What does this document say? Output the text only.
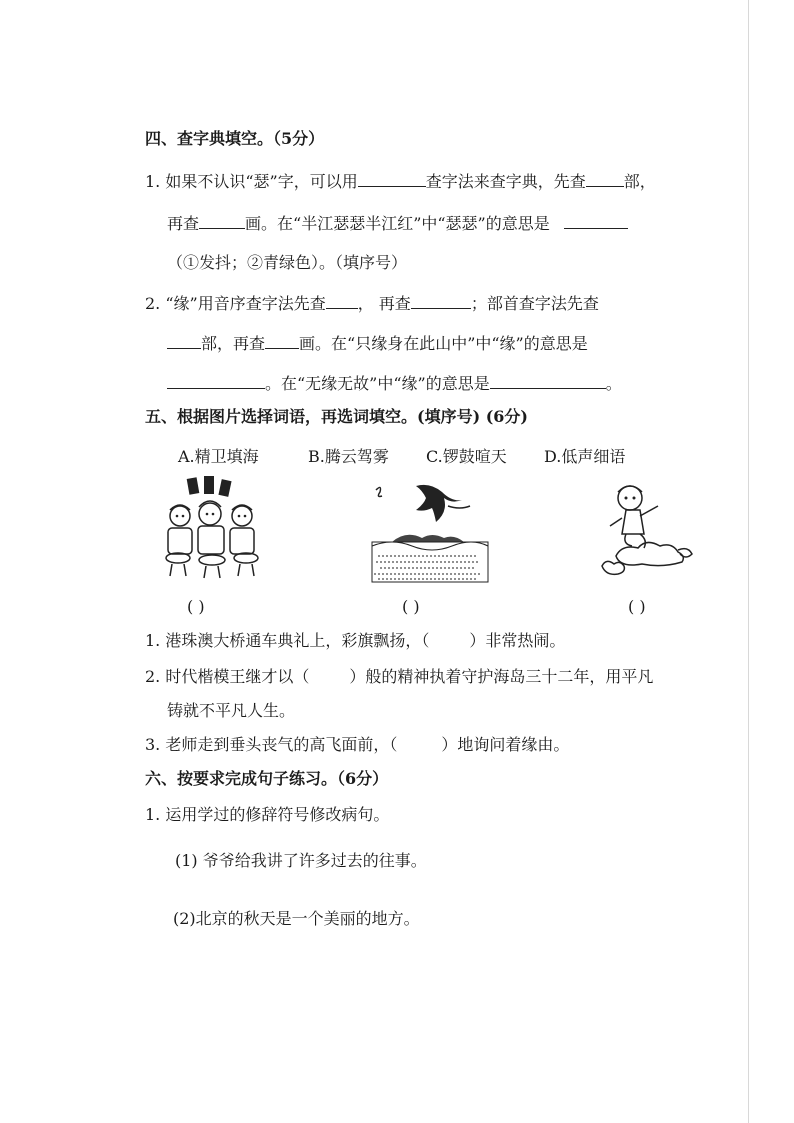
四、查字典填空。（5分）
1. 如果不认识“瑟”字，可以用	查字法来查字典，先查 部，
再查	画。在“半江瑟瑟半江红”中“瑟瑟”的意思是
（①发抖；②青绿色）。（填序号）
2. “缘”用音序查字法先查 ， 再查	；部首查字法先查
部，再查 画。在“只缘身在此山中”中“缘”的意思是
。在“无缘无故”中“缘”的意思是	。
五、根据图片选择词语，再选词填空。(填序号) (6分)
A.精卫填海	B.腾云驾雾 C.锣鼓喧天 D.低声细语
( )	( )	( )
1. 港珠澳大桥通车典礼上，彩旗飘扬，（	）非常热闹。
2. 时代楷模王继才以（	）般的精神执着守护海岛三十二年，用平凡
铸就不平凡人生。
3. 老师走到垂头丧气的高飞面前，（	）地询问着缘由。
六、按要求完成句子练习。（6分）
1. 运用学过的修辞符号修改病句。
(1) 爷爷给我讲了许多过去的往事。
(2)北京的秋天是一个美丽的地方。
